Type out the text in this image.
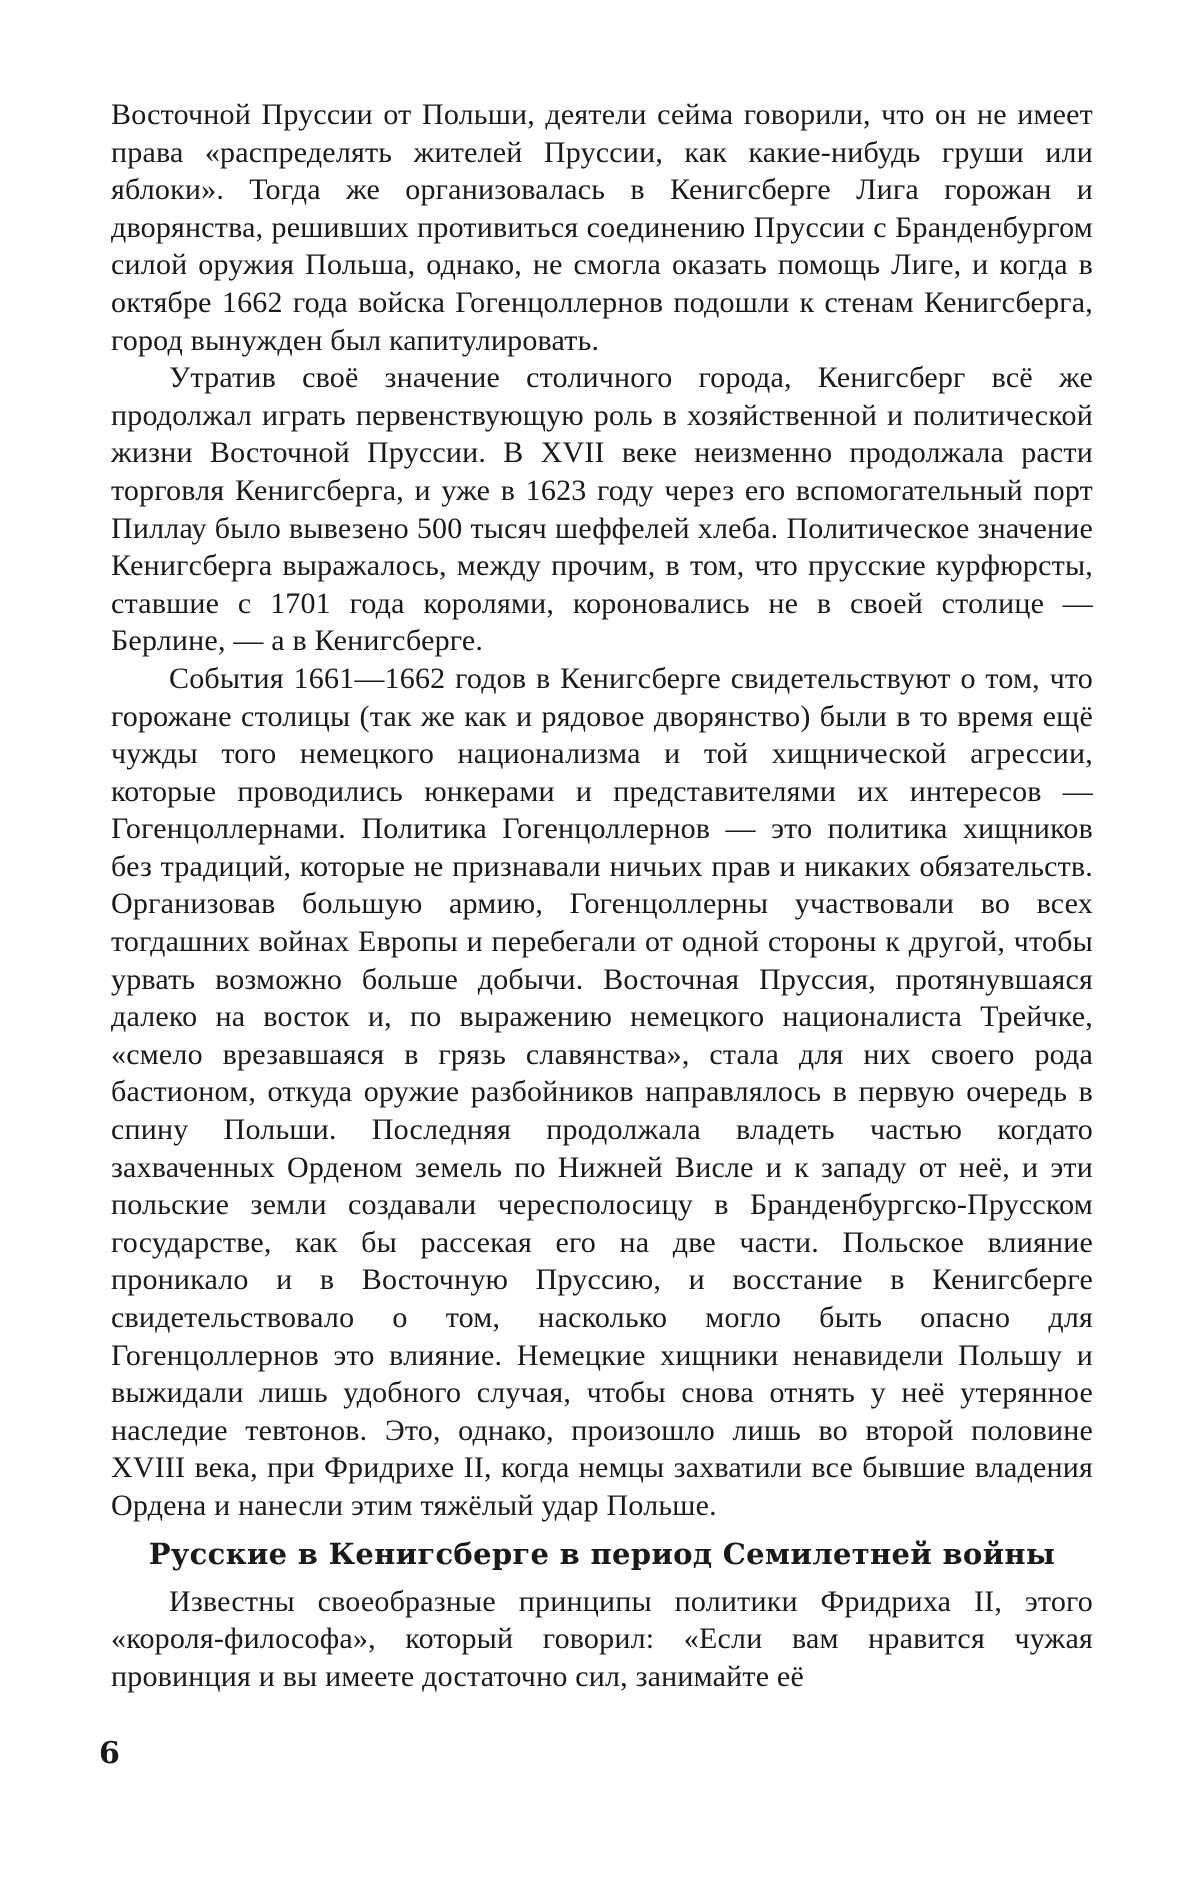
Восточной Пруссии от Польши, деятели сейма говорили, что он не имеет права «распределять жителей Пруссии, как какие-нибудь груши или яблоки». Тогда же организовалась в Кенигсберге Лига горожан и дворянства, решивших противиться соединению Пруссии с Бранденбургом силой оружия Польша, однако, не смогла оказать помощь Лиге, и когда в октябре 1662 года войска Гогенцоллернов подошли к стенам Кенигсберга, город вынужден был капитулировать.

Утратив своё значение столичного города, Кенигсберг всё же продолжал играть первенствующую роль в хозяйственной и политической жизни Восточной Пруссии. В XVII веке неизменно продолжала расти торговля Кенигсберга, и уже в 1623 году через его вспомогательный порт Пиллау было вывезено 500 тысяч шеффелей хлеба. Политическое значение Кенигсберга выражалось, между прочим, в том, что прусские курфюрсты, ставшие с 1701 года королями, короновались не в своей столице — Берлине, — а в Кенигсберге.

События 1661—1662 годов в Кенигсберге свидетельствуют о том, что горожане столицы (так же как и рядовое дворянство) были в то время ещё чужды того немецкого национализма и той хищнической агрессии, которые проводились юнкерами и представителями их интересов — Гогенцоллернами. Политика Гогенцоллернов — это политика хищников без традиций, которые не признавали ничьих прав и никаких обязательств. Организовав большую армию, Гогенцоллерны участвовали во всех тогдашних войнах Европы и перебегали от одной стороны к другой, чтобы урвать возможно больше добычи. Восточная Пруссия, протянувшаяся далеко на восток и, по выражению немецкого националиста Трейчке, «смело врезавшаяся в грязь славянства», стала для них своего рода бастионом, откуда оружие разбойников направлялось в первую очередь в спину Польши. Последняя продолжала владеть частью когдато захваченных Орденом земель по Нижней Висле и к западу от неё, и эти польские земли создавали чересполосицу в Бранденбургско-Прусском государстве, как бы рассекая его на две части. Польское влияние проникало и в Восточную Пруссию, и восстание в Кенигсберге свидетельствовало о том, насколько могло быть опасно для Гогенцоллернов это влияние. Немецкие хищники ненавидели Польшу и выжидали лишь удобного случая, чтобы снова отнять у неё утерянное наследие тевтонов. Это, однако, произошло лишь во второй половине XVIII века, при Фридрихе II, когда немцы захватили все бывшие владения Ордена и нанесли этим тяжёлый удар Польше.

Русские в Кенигсберге в период Семилетней войны

Известны своеобразные принципы политики Фридриха II, этого «короля-философа», который говорил: «Если вам нравится чужая провинция и вы имеете достаточно сил, занимайте её

6
